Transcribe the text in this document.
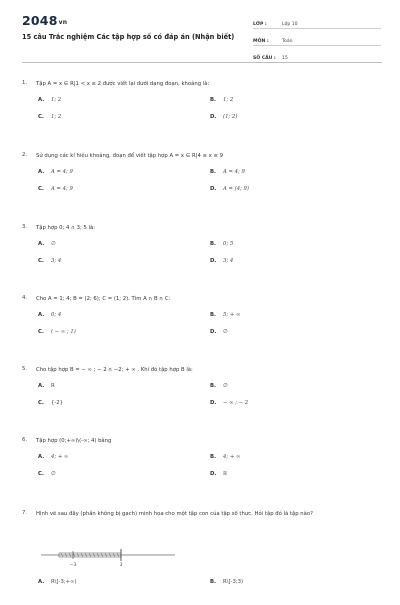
2048vn
15 câu Trắc nghiệm Các tập hợp số có đáp án (Nhận biết)
LỚP :	Lớp 10
MÔN :	Toán
SỐ CÂU :	15
1.	Tập A = x ∈ R|1 < x ≤ 2 được viết lại dưới dạng đoạn, khoảng là:
A.	1; 2	B.	1; 2
C.	1; 2	D.	(1; 2)
2.	Sử dụng các kí hiệu khoảng, đoạn để viết tập hợp A = x ∈ R|4 ≤ x ≤ 9
A.	A = 4; 9	B.	A = 4; 9
C.	A = 4; 9	D.	A = (4; 9)
3.	Tập hợp 0; 4 ∩ 3; 5 là:
A.	∅	B.	0; 5
C.	3; 4	D.	3; 4
4.	Cho A = 1; 4; B = (2; 6); C = (1; 2). Tìm A ∩ B ∩ C:
A.	0; 4	B.	5; + ∞
C.	( − ∞ ; 1)	D.	∅
5.	Cho tập hợp B = − ∞ ; − 2 ∩ −2; + ∞ . Khi đó tập hợp B là:
A.	R	B.	∅
C.	{-2}	D.	− ∞ ; − 2
6.	Tập hợp (0;+∞)\(-∞; 4) bằng
A.	4; + ∞	B.	4; + ∞
C.	∅	D.	ℝ
7.	Hình vẽ sau đây (phần không bị gạch) minh họa cho một tập con của tập số thực. Hỏi tập đó là tập nào?
−3	3
A.	R\[-3;+∞)	B.	R\[-3;3)
